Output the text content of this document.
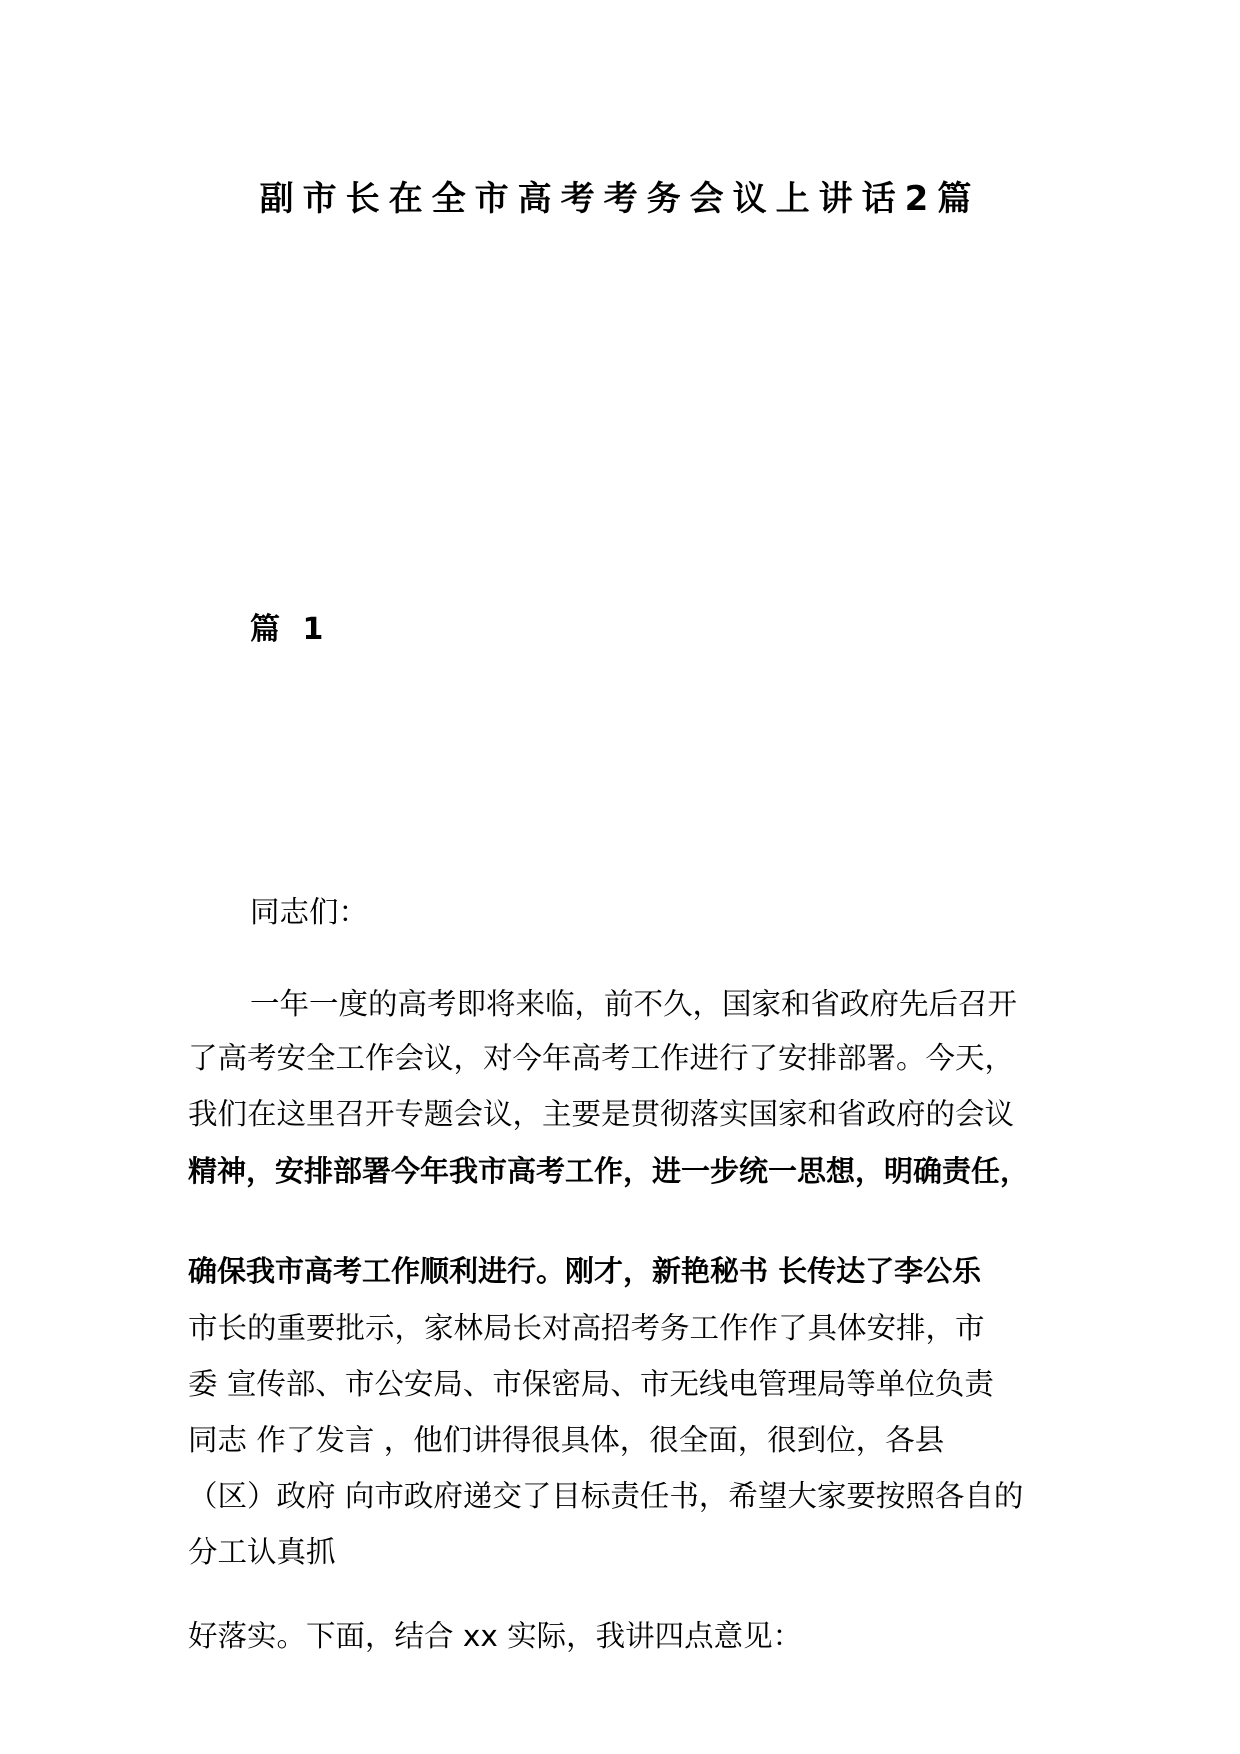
副市长在全市高考考务会议上讲话2篇
篇 1
同志们：
一年一度的高考即将来临，前不久，国家和省政府先后召开
了高考安全工作会议，对今年高考工作进行了安排部署。今天，
我们在这里召开专题会议，主要是贯彻落实国家和省政府的会议
精神，安排部署今年我市高考工作，进一步统一思想，明确责任，
确保我市高考工作顺利进行。刚才，新艳秘书 长传达了李公乐
市长的重要批示，家林局长对高招考务工作作了具体安排，市
委 宣传部、市公安局、市保密局、市无线电管理局等单位负责
同志 作了发言 ，他们讲得很具体，很全面，很到位，各县
（区）政府 向市政府递交了目标责任书，希望大家要按照各自的
分工认真抓
好落实。下面，结合 xx 实际，我讲四点意见：
